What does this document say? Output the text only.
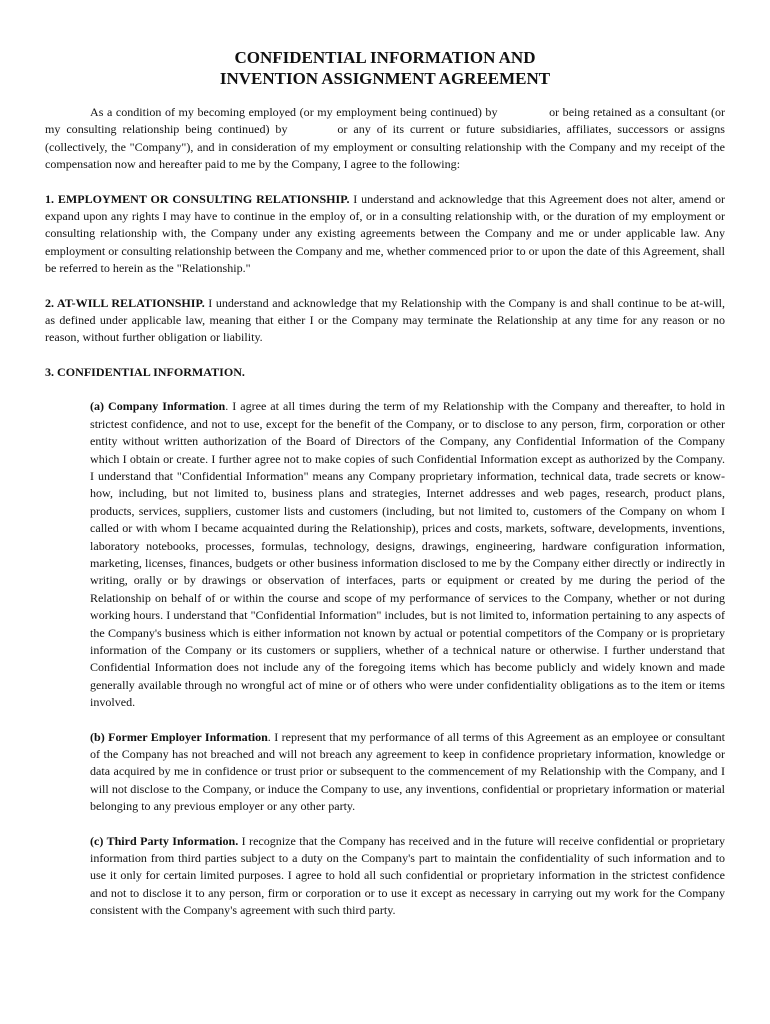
CONFIDENTIAL INFORMATION AND
INVENTION ASSIGNMENT AGREEMENT

As a condition of my becoming employed (or my employment being continued) by	or being retained as a consultant (or my consulting relationship being continued) by	or any of its current or future subsidiaries, affiliates, successors or assigns (collectively, the "Company"), and in consideration of my employment or consulting relationship with the Company and my receipt of the compensation now and hereafter paid to me by the Company, I agree to the following:

1. EMPLOYMENT OR CONSULTING RELATIONSHIP. I understand and acknowledge that this Agreement does not alter, amend or expand upon any rights I may have to continue in the employ of, or in a consulting relationship with, or the duration of my employment or consulting relationship with, the Company under any existing agreements between the Company and me or under applicable law. Any employment or consulting relationship between the Company and me, whether commenced prior to or upon the date of this Agreement, shall be referred to herein as the "Relationship."

2. AT-WILL RELATIONSHIP. I understand and acknowledge that my Relationship with the Company is and shall continue to be at-will, as defined under applicable law, meaning that either I or the Company may terminate the Relationship at any time for any reason or no reason, without further obligation or liability.

3. CONFIDENTIAL INFORMATION.

(a) Company Information. I agree at all times during the term of my Relationship with the Company and thereafter, to hold in strictest confidence, and not to use, except for the benefit of the Company, or to disclose to any person, firm, corporation or other entity without written authorization of the Board of Directors of the Company, any Confidential Information of the Company which I obtain or create. I further agree not to make copies of such Confidential Information except as authorized by the Company. I understand that "Confidential Information" means any Company proprietary information, technical data, trade secrets or know- how, including, but not limited to, business plans and strategies, Internet addresses and web pages, research, product plans, products, services, suppliers, customer lists and customers (including, but not limited to, customers of the Company on whom I called or with whom I became acquainted during the Relationship), prices and costs, markets, software, developments, inventions, laboratory notebooks, processes, formulas, technology, designs, drawings, engineering, hardware configuration information, marketing, licenses, finances, budgets or other business information disclosed to me by the Company either directly or indirectly in writing, orally or by drawings or observation of interfaces, parts or equipment or created by me during the period of the Relationship on behalf of or within the course and scope of my performance of services to the Company, whether or not during working hours. I understand that "Confidential Information" includes, but is not limited to, information pertaining to any aspects of the Company's business which is either information not known by actual or potential competitors of the Company or is proprietary information of the Company or its customers or suppliers, whether of a technical nature or otherwise. I further understand that Confidential Information does not include any of the foregoing items which has become publicly and widely known and made generally available through no wrongful act of mine or of others who were under confidentiality obligations as to the item or items involved.

(b) Former Employer Information. I represent that my performance of all terms of this Agreement as an employee or consultant of the Company has not breached and will not breach any agreement to keep in confidence proprietary information, knowledge or data acquired by me in confidence or trust prior or subsequent to the commencement of my Relationship with the Company, and I will not disclose to the Company, or induce the Company to use, any inventions, confidential or proprietary information or material belonging to any previous employer or any other party.

(c) Third Party Information. I recognize that the Company has received and in the future will receive confidential or proprietary information from third parties subject to a duty on the Company's part to maintain the confidentiality of such information and to use it only for certain limited purposes. I agree to hold all such confidential or proprietary information in the strictest confidence and not to disclose it to any person, firm or corporation or to use it except as necessary in carrying out my work for the Company consistent with the Company's agreement with such third party.
